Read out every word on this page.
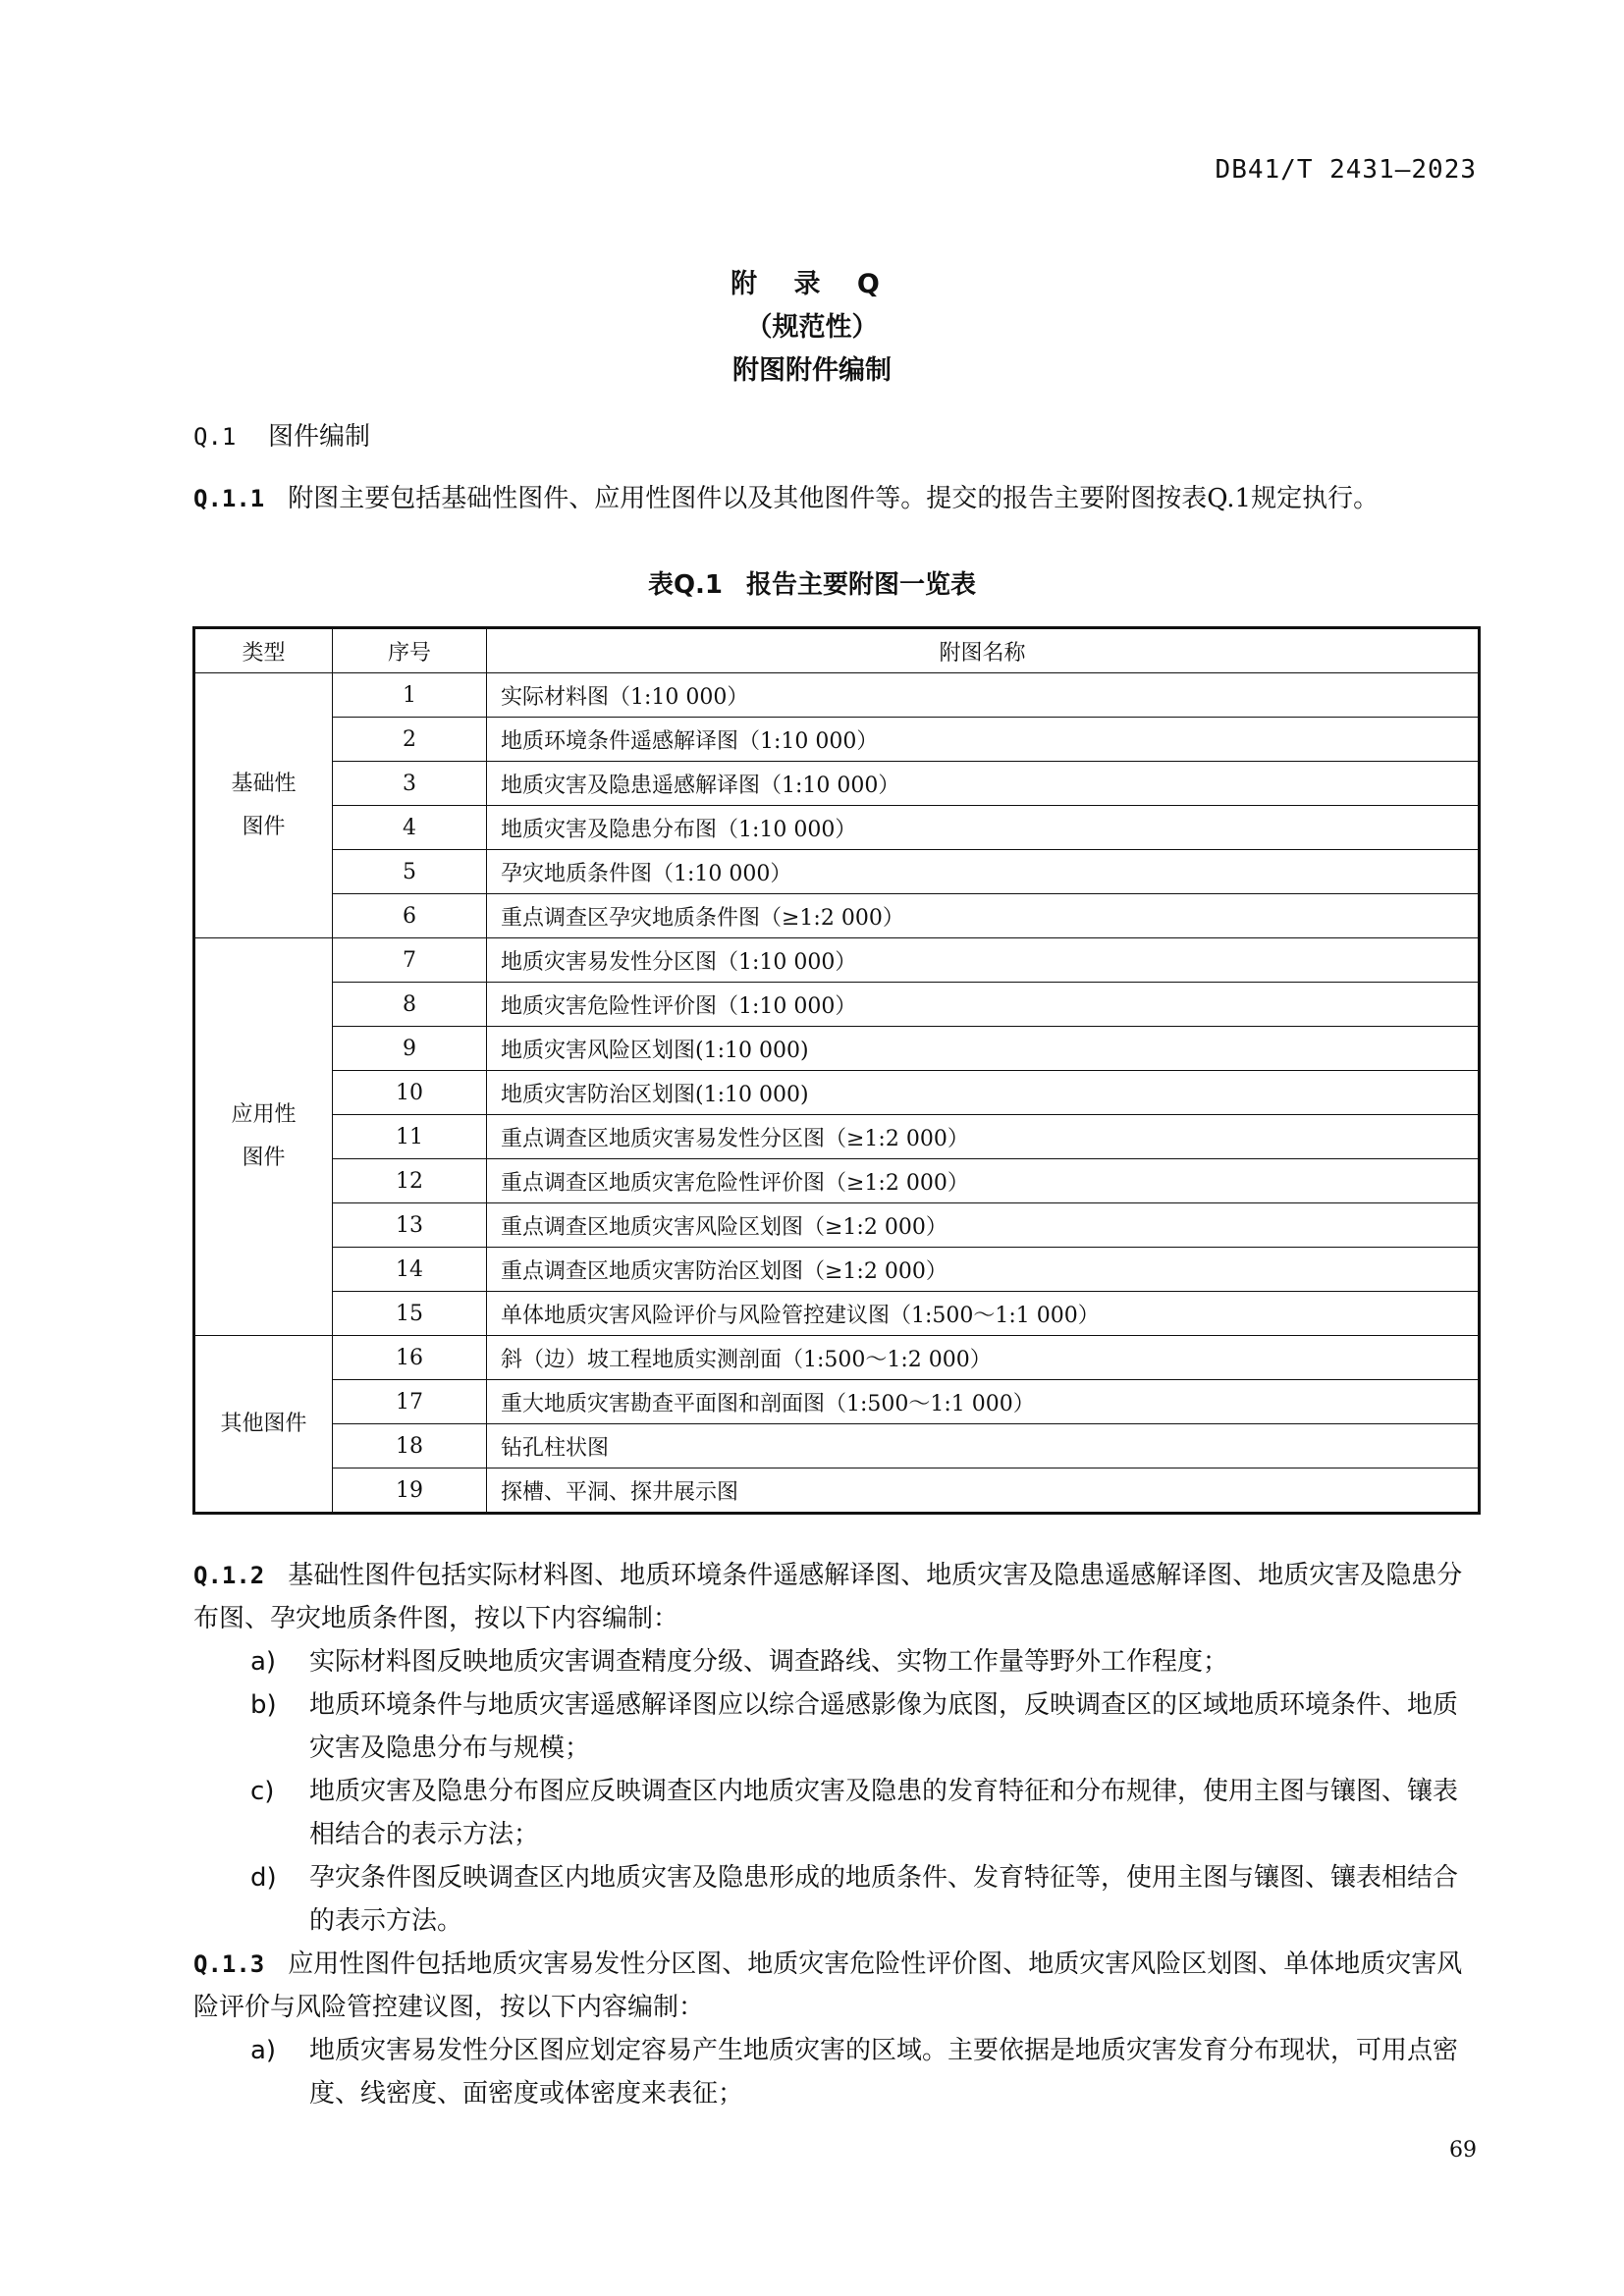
DB41/T 2431—2023
附 录 Q
（规范性）
附图附件编制
Q.1 图件编制
Q.1.1 附图主要包括基础性图件、应用性图件以及其他图件等。提交的报告主要附图按表Q.1规定执行。
表Q.1 报告主要附图一览表
类型	序号	附图名称
基础性图件	1	实际材料图（1:10 000）
	2	地质环境条件遥感解译图（1:10 000）
	3	地质灾害及隐患遥感解译图（1:10 000）
	4	地质灾害及隐患分布图（1:10 000）
	5	孕灾地质条件图（1:10 000）
	6	重点调查区孕灾地质条件图（≥1:2 000）
应用性图件	7	地质灾害易发性分区图（1:10 000）
	8	地质灾害危险性评价图（1:10 000）
	9	地质灾害风险区划图(1:10 000)
	10	地质灾害防治区划图(1:10 000)
	11	重点调查区地质灾害易发性分区图（≥1:2 000）
	12	重点调查区地质灾害危险性评价图（≥1:2 000）
	13	重点调查区地质灾害风险区划图（≥1:2 000）
	14	重点调查区地质灾害防治区划图（≥1:2 000）
	15	单体地质灾害风险评价与风险管控建议图（1:500～1:1 000）
其他图件	16	斜（边）坡工程地质实测剖面（1:500～1:2 000）
	17	重大地质灾害勘查平面图和剖面图（1:500～1:1 000）
	18	钻孔柱状图
	19	探槽、平洞、探井展示图
Q.1.2 基础性图件包括实际材料图、地质环境条件遥感解译图、地质灾害及隐患遥感解译图、地质灾害及隐患分布图、孕灾地质条件图，按以下内容编制：
a) 实际材料图反映地质灾害调查精度分级、调查路线、实物工作量等野外工作程度；
b) 地质环境条件与地质灾害遥感解译图应以综合遥感影像为底图，反映调查区的区域地质环境条件、地质灾害及隐患分布与规模；
c) 地质灾害及隐患分布图应反映调查区内地质灾害及隐患的发育特征和分布规律，使用主图与镶图、镶表相结合的表示方法；
d) 孕灾条件图反映调查区内地质灾害及隐患形成的地质条件、发育特征等，使用主图与镶图、镶表相结合的表示方法。
Q.1.3 应用性图件包括地质灾害易发性分区图、地质灾害危险性评价图、地质灾害风险区划图、单体地质灾害风险评价与风险管控建议图，按以下内容编制：
a) 地质灾害易发性分区图应划定容易产生地质灾害的区域。主要依据是地质灾害发育分布现状，可用点密度、线密度、面密度或体密度来表征；
69
